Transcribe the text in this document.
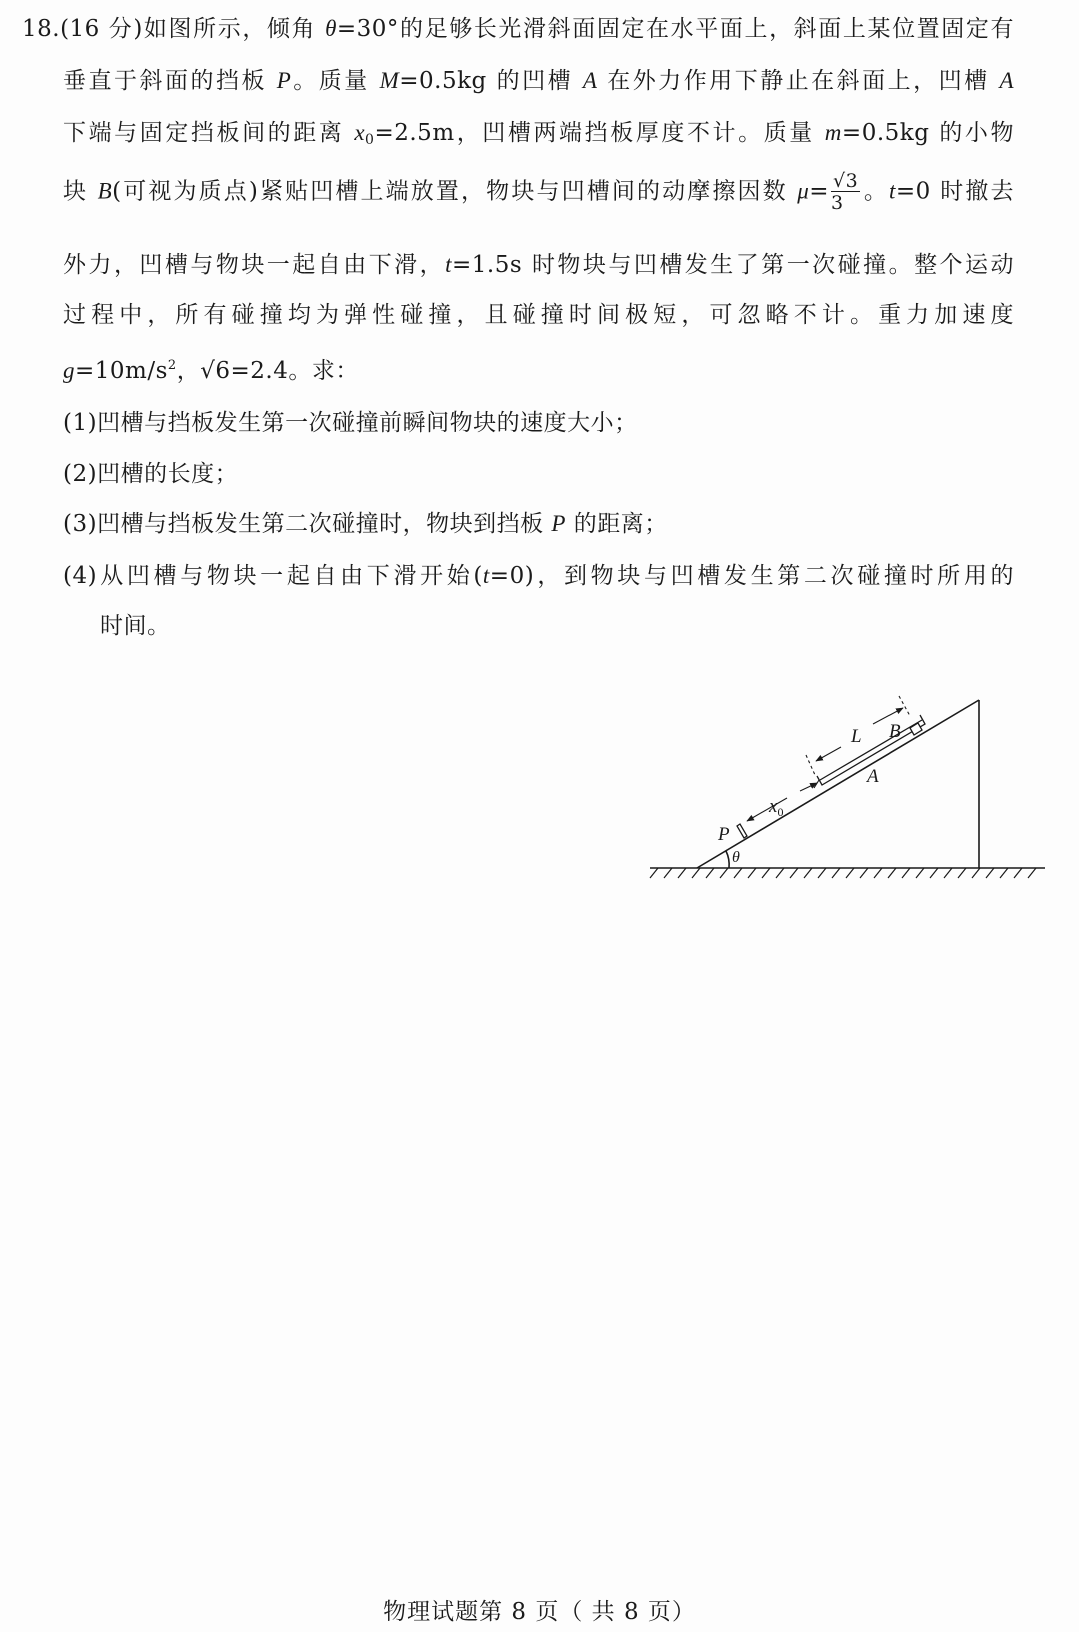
18.(16 分)如图所示，倾角 θ=30°的足够长光滑斜面固定在水平面上，斜面上某位置固定有
垂直于斜面的挡板 P。质量 M=0.5kg 的凹槽 A 在外力作用下静止在斜面上，凹槽 A
下端与固定挡板间的距离 $x_0=2.5m$，凹槽两端挡板厚度不计。质量 m=0.5kg 的小物
块 B(可视为质点)紧贴凹槽上端放置，物块与凹槽间的动摩擦因数 $\mu= \frac{√3}{3}$ 。t=0 时撤去
外力，凹槽与物块一起自由下滑，t=1.5s 时物块与凹槽发生了第一次碰撞。整个运动
过程中，所有碰撞均为弹性碰撞，且碰撞时间极短，可忽略不计。重力加速度
$g=10m/s^2$，√6=2.4。求：
(1)凹槽与挡板发生第一次碰撞前瞬间物块的速度大小；
(2)凹槽的长度；
(3)凹槽与挡板发生第二次碰撞时，物块到挡板 P 的距离；
(4)从凹槽与物块一起自由下滑开始(t=0)，到物块与凹槽发生第二次碰撞时所用的
时间。
L B
A
$x_0$
P
θ
物理试题第 8 页（ 共 8 页）
